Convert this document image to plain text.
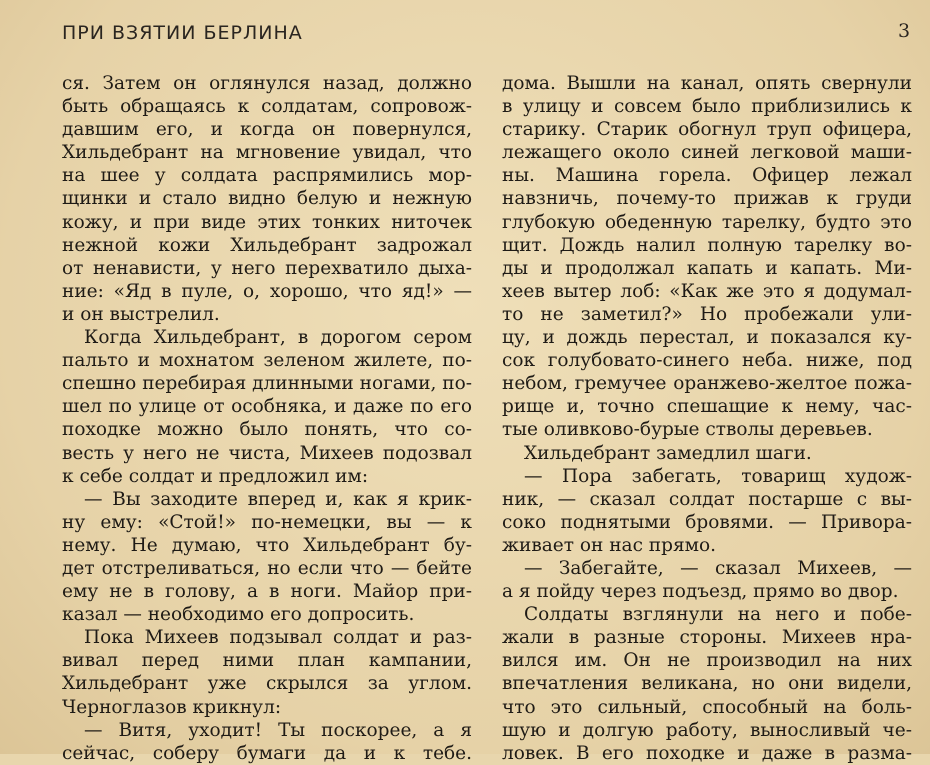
ПРИ ВЗЯТИИ БЕРЛИНА	3
ся. Затем он оглянулся назад, должно
быть обращаясь к солдатам, сопровож-
давшим его, и когда он повернулся,
Хильдебрант на мгновение увидал, что
на шее у солдата распрямились мор-
щинки и стало видно белую и нежную
кожу, и при виде этих тонких ниточек
нежной кожи Хильдебрант задрожал
от ненависти, у него перехватило дыха-
ние: «Яд в пуле, о, хорошо, что яд!» —
и он выстрелил.
Когда Хильдебрант, в дорогом сером
пальто и мохнатом зеленом жилете, по-
спешно перебирая длинными ногами, по-
шел по улице от особняка, и даже по его
походке можно было понять, что со-
весть у него не чиста, Михеев подозвал
к себе солдат и предложил им:
— Вы заходите вперед и, как я крик-
ну ему: «Стой!» по-немецки, вы — к
нему. Не думаю, что Хильдебрант бу-
дет отстреливаться, но если что — бейте
ему не в голову, а в ноги. Майор при-
казал — необходимо его допросить.
Пока Михеев подзывал солдат и раз-
вивал перед ними план кампании,
Хильдебрант уже скрылся за углом.
Черноглазов крикнул:
— Витя, уходит! Ты поскорее, а я
сейчас, соберу бумаги да и к тебе.
дома. Вышли на канал, опять свернули
в улицу и совсем было приблизились к
старику. Старик обогнул труп офицера,
лежащего около синей легковой маши-
ны. Машина горела. Офицер лежал
навзничь, почему-то прижав к груди
глубокую обеденную тарелку, будто это
щит. Дождь налил полную тарелку во-
ды и продолжал капать и капать. Ми-
хеев вытер лоб: «Как же это я додумал-
то не заметил?» Но пробежали ули-
цу, и дождь перестал, и показался ку-
сок голубовато-синего неба. ниже, под
небом, гремучее оранжево-желтое пожа-
рище и, точно спешащие к нему, час-
тые оливково-бурые стволы деревьев.
Хильдебрант замедлил шаги.
— Пора забегать, товарищ худож-
ник, — сказал солдат постарше с вы-
соко поднятыми бровями. — Привора-
живает он нас прямо.
— Забегайте, — сказал Михеев, —
а я пойду через подъезд, прямо во двор.
Солдаты взглянули на него и побе-
жали в разные стороны. Михеев нра-
вился им. Он не производил на них
впечатления великана, но они видели,
что это сильный, способный на боль-
шую и долгую работу, выносливый че-
ловек. В его походке и даже в размa-
